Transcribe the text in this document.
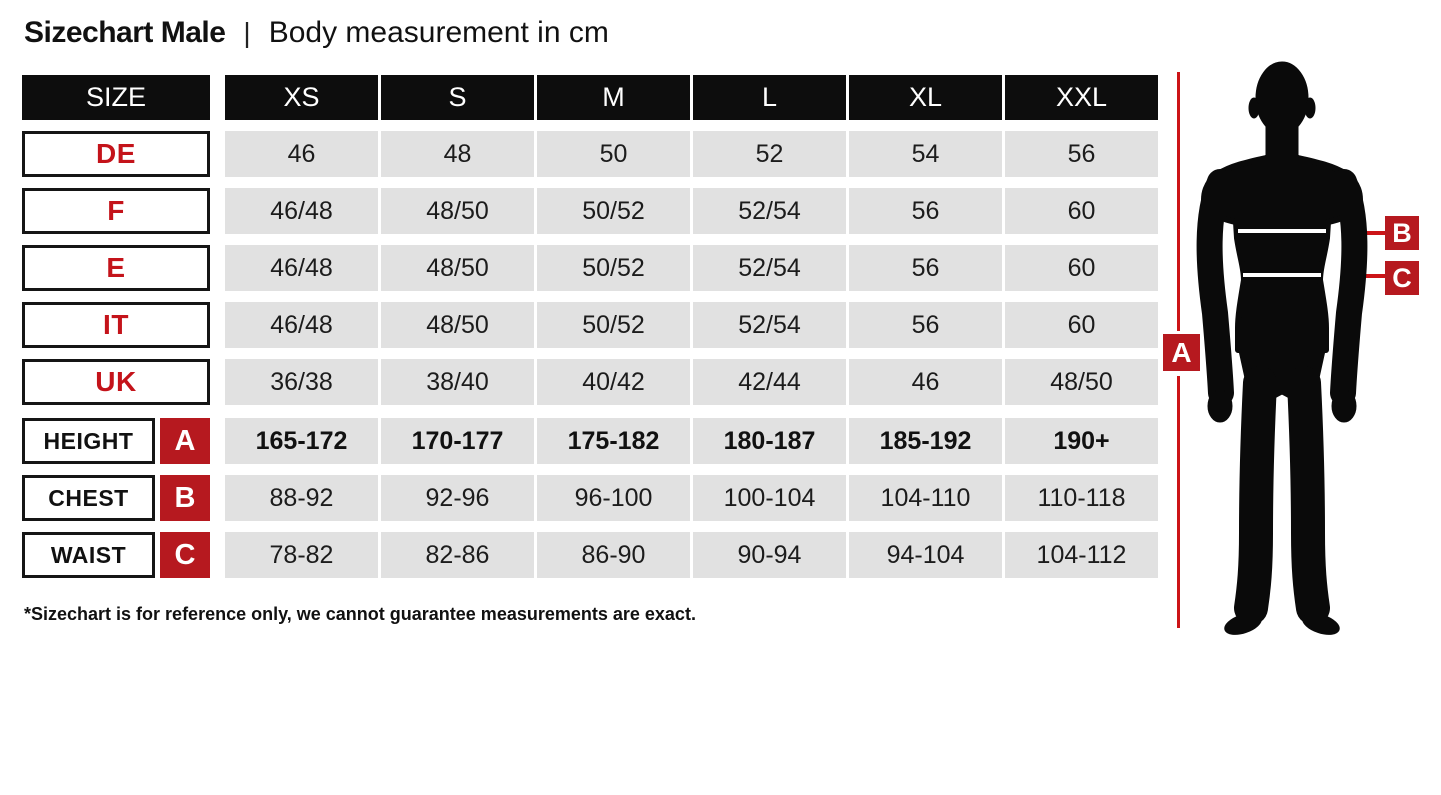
Sizechart Male | Body measurement in cm
SIZE	XS	S	M	L	XL	XXL
DE	46	48	50	52	54	56
F	46/48	48/50	50/52	52/54	56	60
E	46/48	48/50	50/52	52/54	56	60
IT	46/48	48/50	50/52	52/54	56	60
UK	36/38	38/40	40/42	42/44	46	48/50
HEIGHT	A	165-172	170-177	175-182	180-187	185-192	190+
CHEST	B	88-92	92-96	96-100	100-104	104-110	110-118
WAIST	C	78-82	82-86	86-90	90-94	94-104	104-112
*Sizechart is for reference only, we cannot guarantee measurements are exact.
A
B
C
